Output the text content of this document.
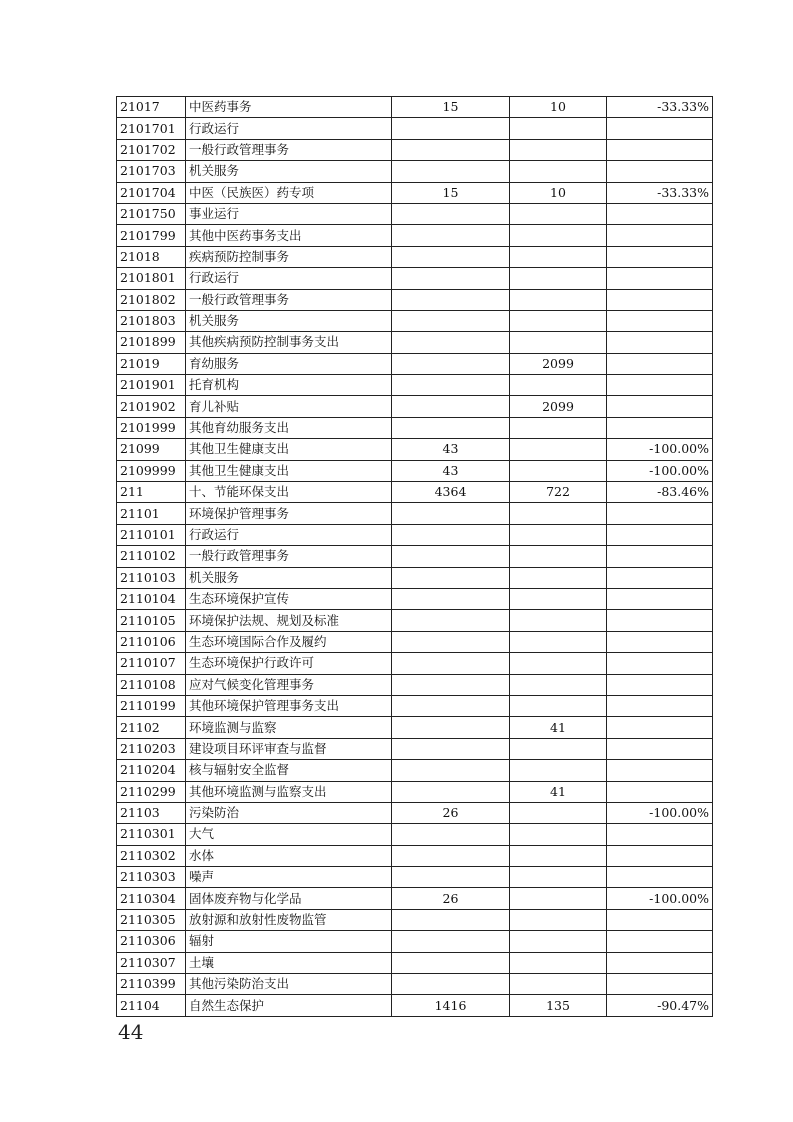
21017	中医药事务	15	10	-33.33%
2101701	行政运行			
2101702	一般行政管理事务			
2101703	机关服务			
2101704	中医（民族医）药专项	15	10	-33.33%
2101750	事业运行			
2101799	其他中医药事务支出			
21018	疾病预防控制事务			
2101801	行政运行			
2101802	一般行政管理事务			
2101803	机关服务			
2101899	其他疾病预防控制事务支出			
21019	育幼服务		2099	
2101901	托育机构			
2101902	育儿补贴		2099	
2101999	其他育幼服务支出			
21099	其他卫生健康支出	43		-100.00%
2109999	其他卫生健康支出	43		-100.00%
211	十、节能环保支出	4364	722	-83.46%
21101	环境保护管理事务			
2110101	行政运行			
2110102	一般行政管理事务			
2110103	机关服务			
2110104	生态环境保护宣传			
2110105	环境保护法规、规划及标准			
2110106	生态环境国际合作及履约			
2110107	生态环境保护行政许可			
2110108	应对气候变化管理事务			
2110199	其他环境保护管理事务支出			
21102	环境监测与监察		41	
2110203	建设项目环评审查与监督			
2110204	核与辐射安全监督			
2110299	其他环境监测与监察支出		41	
21103	污染防治	26		-100.00%
2110301	大气			
2110302	水体			
2110303	噪声			
2110304	固体废弃物与化学品	26		-100.00%
2110305	放射源和放射性废物监管			
2110306	辐射			
2110307	土壤			
2110399	其他污染防治支出			
21104	自然生态保护	1416	135	-90.47%
44
